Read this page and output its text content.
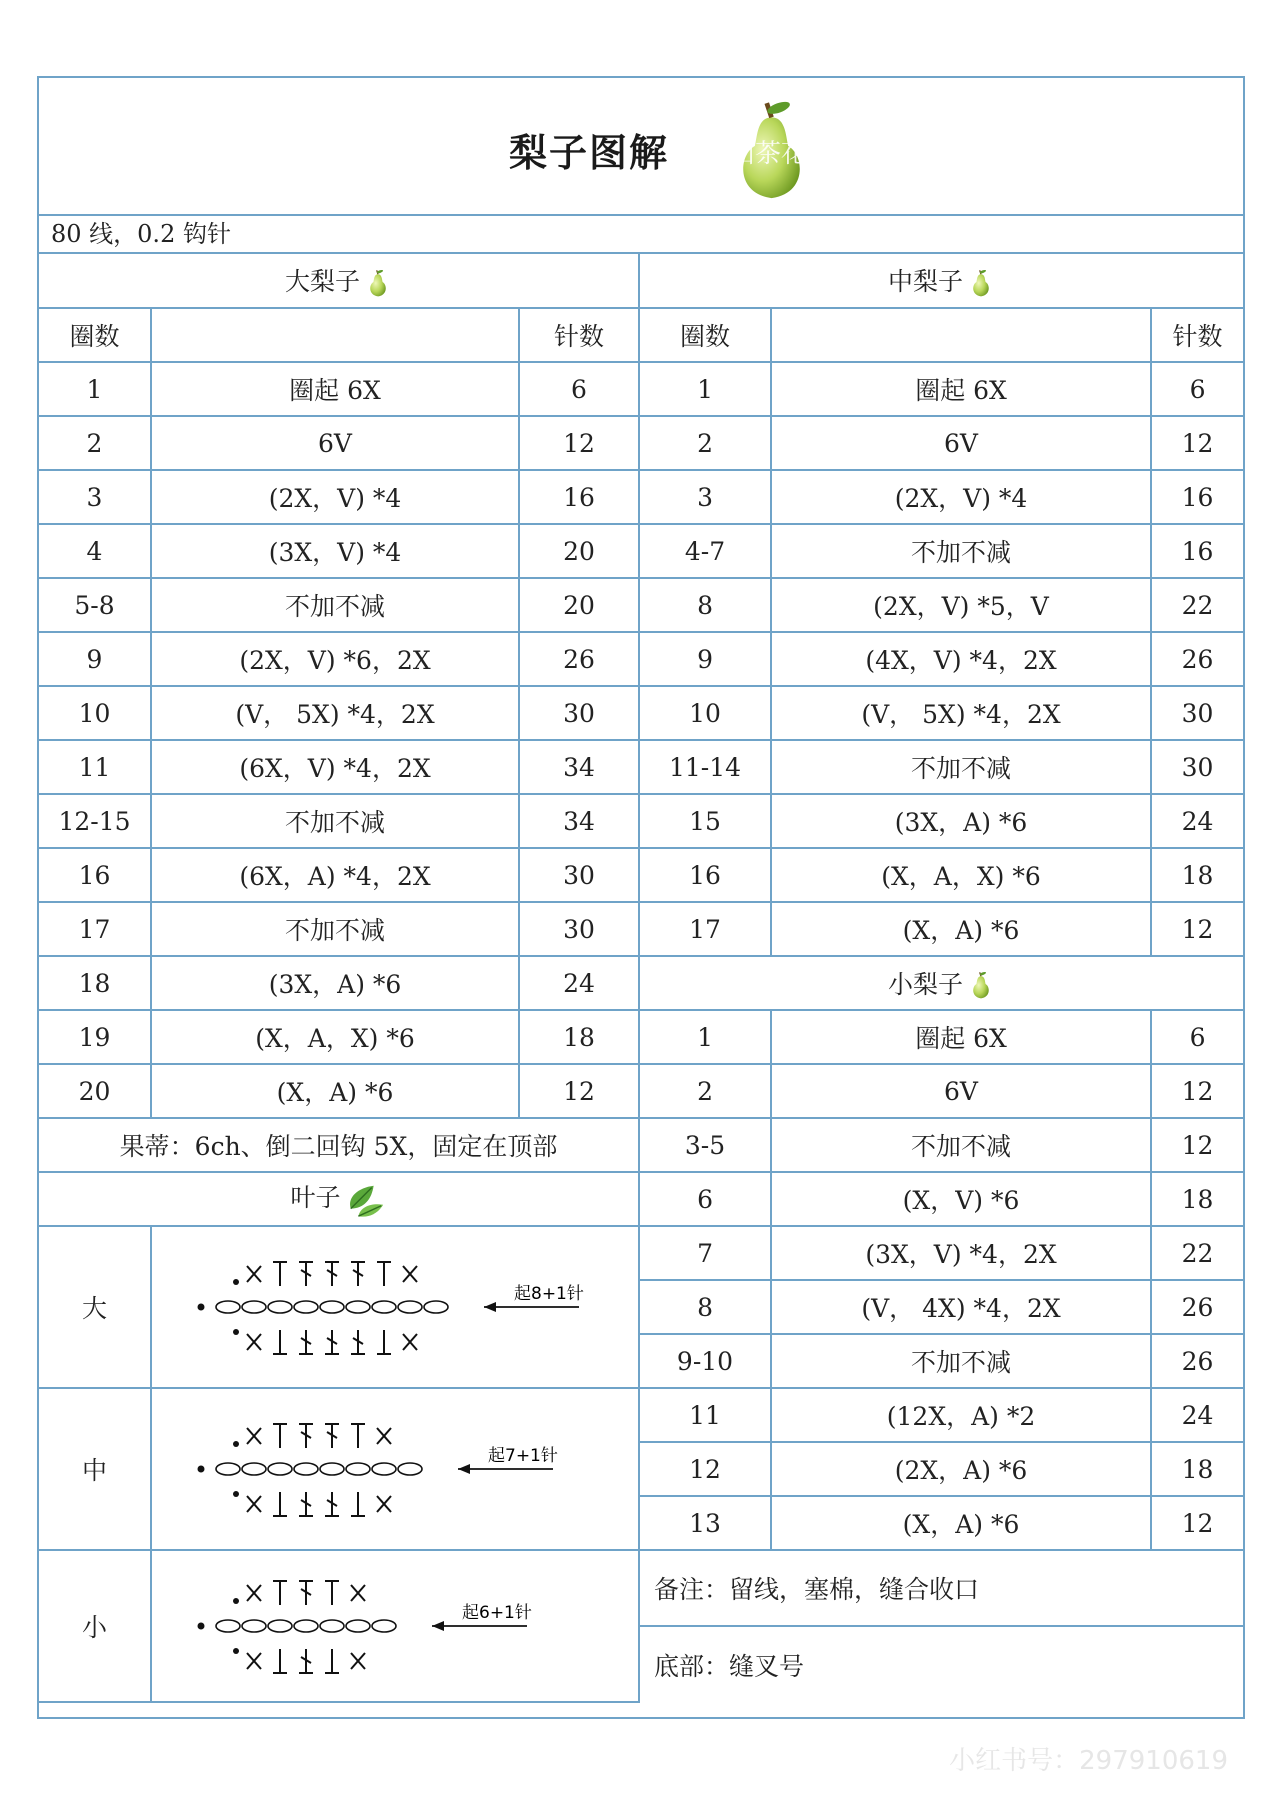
梨子图解 山茶花
80 线，0.2 钩针
大梨子			中梨子		
圈数		针数	圈数		针数
1	圈起 6X	6	1	圈起 6X	6
2	6V	12	2	6V	12
3	(2X，V) *4	16	3	(2X，V) *4	16
4	(3X，V) *4	20	4-7	不加不减	16
5-8	不加不减	20	8	(2X，V) *5，V	22
9	(2X，V) *6，2X	26	9	(4X，V) *4，2X	26
10	(V， 5X) *4，2X	30	10	(V， 5X) *4，2X	30
11	(6X，V) *4，2X	34	11-14	不加不减	30
12-15	不加不减	34	15	(3X，A) *6	24
16	(6X，A) *4，2X	30	16	(X，A，X) *6	18
17	不加不减	30	17	(X，A) *6	12
18	(3X，A) *6	24	小梨子		
19	(X，A，X) *6	18	1	圈起 6X	6
20	(X，A) *6	12	2	6V	12
果蒂：6ch、倒二回钩 5X，固定在顶部			3-5	不加不减	12
叶子			6	(X，V) *6	18
大	起8+1针		7	(3X，V) *4，2X	22
			8	(V， 4X) *4，2X	26
			9-10	不加不减	26
中	起7+1针		11	(12X，A) *2	24
			12	(2X，A) *6	18
			13	(X，A) *6	12
小	起6+1针		备注：留线，塞棉，缝合收口		
			底部：缝叉号		
小红书号：297910619
